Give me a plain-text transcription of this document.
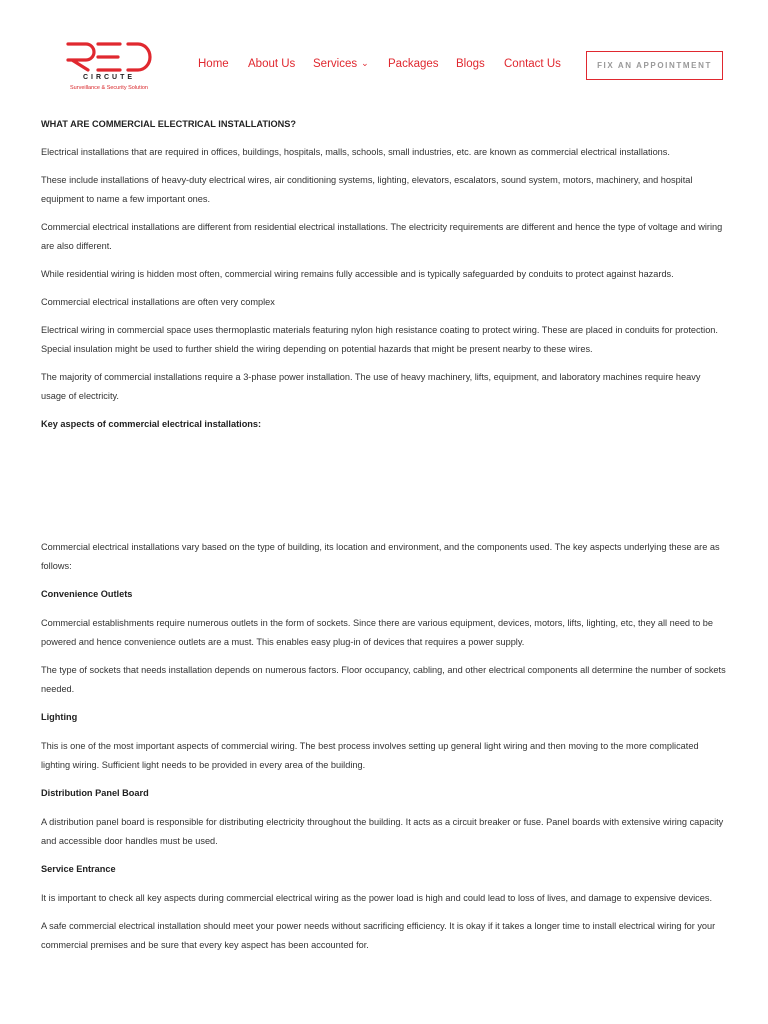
CIRCUTE
Surveillance & Security Solution
Home About Us Services ⌄ Packages Blogs Contact Us	FIX AN APPOINTMENT

WHAT ARE COMMERCIAL ELECTRICAL INSTALLATIONS?

Electrical installations that are required in offices, buildings, hospitals, malls, schools, small industries, etc. are known as commercial electrical installations.

These include installations of heavy-duty electrical wires, air conditioning systems, lighting, elevators, escalators, sound system, motors, machinery, and hospital equipment to name a few important ones.

Commercial electrical installations are different from residential electrical installations. The electricity requirements are different and hence the type of voltage and wiring are also different.

While residential wiring is hidden most often, commercial wiring remains fully accessible and is typically safeguarded by conduits to protect against hazards.

Commercial electrical installations are often very complex

Electrical wiring in commercial space uses thermoplastic materials featuring nylon high resistance coating to protect wiring. These are placed in conduits for protection. Special insulation might be used to further shield the wiring depending on potential hazards that might be present nearby to these wires.

The majority of commercial installations require a 3-phase power installation. The use of heavy machinery, lifts, equipment, and laboratory machines require heavy usage of electricity.

Key aspects of commercial electrical installations:

Commercial electrical installations vary based on the type of building, its location and environment, and the components used. The key aspects underlying these are as follows:

Convenience Outlets

Commercial establishments require numerous outlets in the form of sockets. Since there are various equipment, devices, motors, lifts, lighting, etc, they all need to be powered and hence convenience outlets are a must. This enables easy plug-in of devices that requires a power supply.

The type of sockets that needs installation depends on numerous factors. Floor occupancy, cabling, and other electrical components all determine the number of sockets needed.

Lighting

This is one of the most important aspects of commercial wiring. The best process involves setting up general light wiring and then moving to the more complicated lighting wiring. Sufficient light needs to be provided in every area of the building.

Distribution Panel Board

A distribution panel board is responsible for distributing electricity throughout the building. It acts as a circuit breaker or fuse. Panel boards with extensive wiring capacity and accessible door handles must be used.

Service Entrance

It is important to check all key aspects during commercial electrical wiring as the power load is high and could lead to loss of lives, and damage to expensive devices.

A safe commercial electrical installation should meet your power needs without sacrificing efficiency. It is okay if it takes a longer time to install electrical wiring for your commercial premises and be sure that every key aspect has been accounted for.
